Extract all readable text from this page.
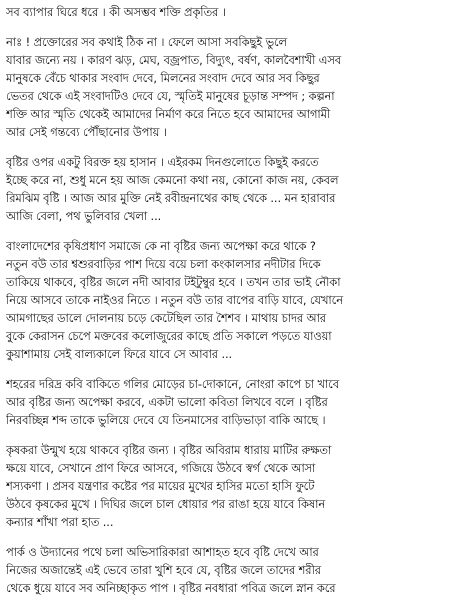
সব ব্যাপার ঘিরে ধরে । কী অসম্ভব শক্তি প্রকৃতির ।
নাঃ ! প্রক্তোরের সব কথাই ঠিক না । ফেলে আসা সবকিছুই ভুলে
যাবার জন্যে নয় । কারণ ঝড়, মেঘ, বজ্রপাত, বিদ্যুৎ, বর্ষণ, কালবৈশাখী এসব
মানুষকে বেঁচে থাকার সংবাদ দেবে, মিলনের সংবাদ দেবে আর সব কিছুর
ভেতর থেকে এই সংবাদটিও দেবে যে, স্মৃতিই মানুষের চূড়ান্ত সম্পদ ; কল্পনা
শক্তি আর স্মৃতি থেকেই আমাদের নির্মাণ করে নিতে হবে আমাদের আগামী
আর সেই গন্তব্যে পৌঁছানোর উপায় ।
বৃষ্টির ওপর একটু বিরক্ত হয় হাসান । এইরকম দিনগুলোতে কিছুই করতে
ইচ্ছে করে না, শুধু মনে হয় আজ কেমনো কথা নয়, কোনো কাজ নয়, কেবল
রিমঝিম বৃষ্টি । আজ আর মুক্তি নেই রবীন্দ্রনাথের কাছ থেকে ... মন হারাবার
আজি বেলা, পথ ভুলিবার খেলা ...
বাংলাদেশের কৃষিপ্রধাণ সমাজে কে না বৃষ্টির জন্য অপেক্ষা করে থাকে ?
নতুন বউ তার শ্বশুরবাড়ির পাশ দিয়ে বয়ে চলা কংকালসার নদীটার দিকে
তাকিয়ে থাকবে, বৃষ্টির জলে নদী আবার টইটুম্বুর হবে । তখন তার ভাই নৌকা
নিয়ে আসবে তাকে নাইওর নিতে । নতুন বউ তার বাপের বাড়ি যাবে, যেখানে
আমগাছের ডালে দোলনায় চড়ে কেটেছিল তার শৈশব । মাথায় চাদর আর
বুকে কেরাসন চেপে মক্তবের কলোজুরের কাছে প্রতি সকালে পড়তে যাওয়া
কুয়াশামায় সেই বাল্যকালে ফিরে যাবে সে আবার ...
শহরের দরিদ্র কবি বাকিতে গলির মোড়ের চা-দোকানে, নোংরা কাপে চা খাবে
আর বৃষ্টির জন্য অপেক্ষা করবে, একটা ভালো কবিতা লিখবে বলে । বৃষ্টির
নিরবচ্ছিন্ন শব্দ তাকে ভুলিয়ে দেবে যে তিনমাসের বাড়িভাড়া বাকি আছে ।
কৃষকরা উন্মুখ হয়ে থাকবে বৃষ্টির জন্য । বৃষ্টির অবিরাম ধারায় মাটির রুক্ষতা
ক্ষয়ে যাবে, সেখানে প্রাণ ফিরে আসবে, গজিয়ে উঠবে স্বর্গ থেকে আসা
শস্যকণা । প্রসব যন্ত্রণার কষ্টের পর মায়ের মুখের হাসির মতো হাসি ফুটে
উঠবে কৃষকের মুখে । দিঘির জলে চাল ধোয়ার পর রাঙা হয়ে যাবে কিষান
কন্যার শাঁখা পরা হাত ...
পার্ক ও উদ্যানের পথে চলা অভিসারিকারা আশাহত হবে বৃষ্টি দেখে আর
নিজের অজান্তেই এই ভেবে তারা খুশি হবে যে, বৃষ্টির জলে তাদের শরীর
থেকে ধুয়ে যাবে সব অনিচ্ছাকৃত পাপ । বৃষ্টির নবধারা পবিত্র জলে স্নান করে
